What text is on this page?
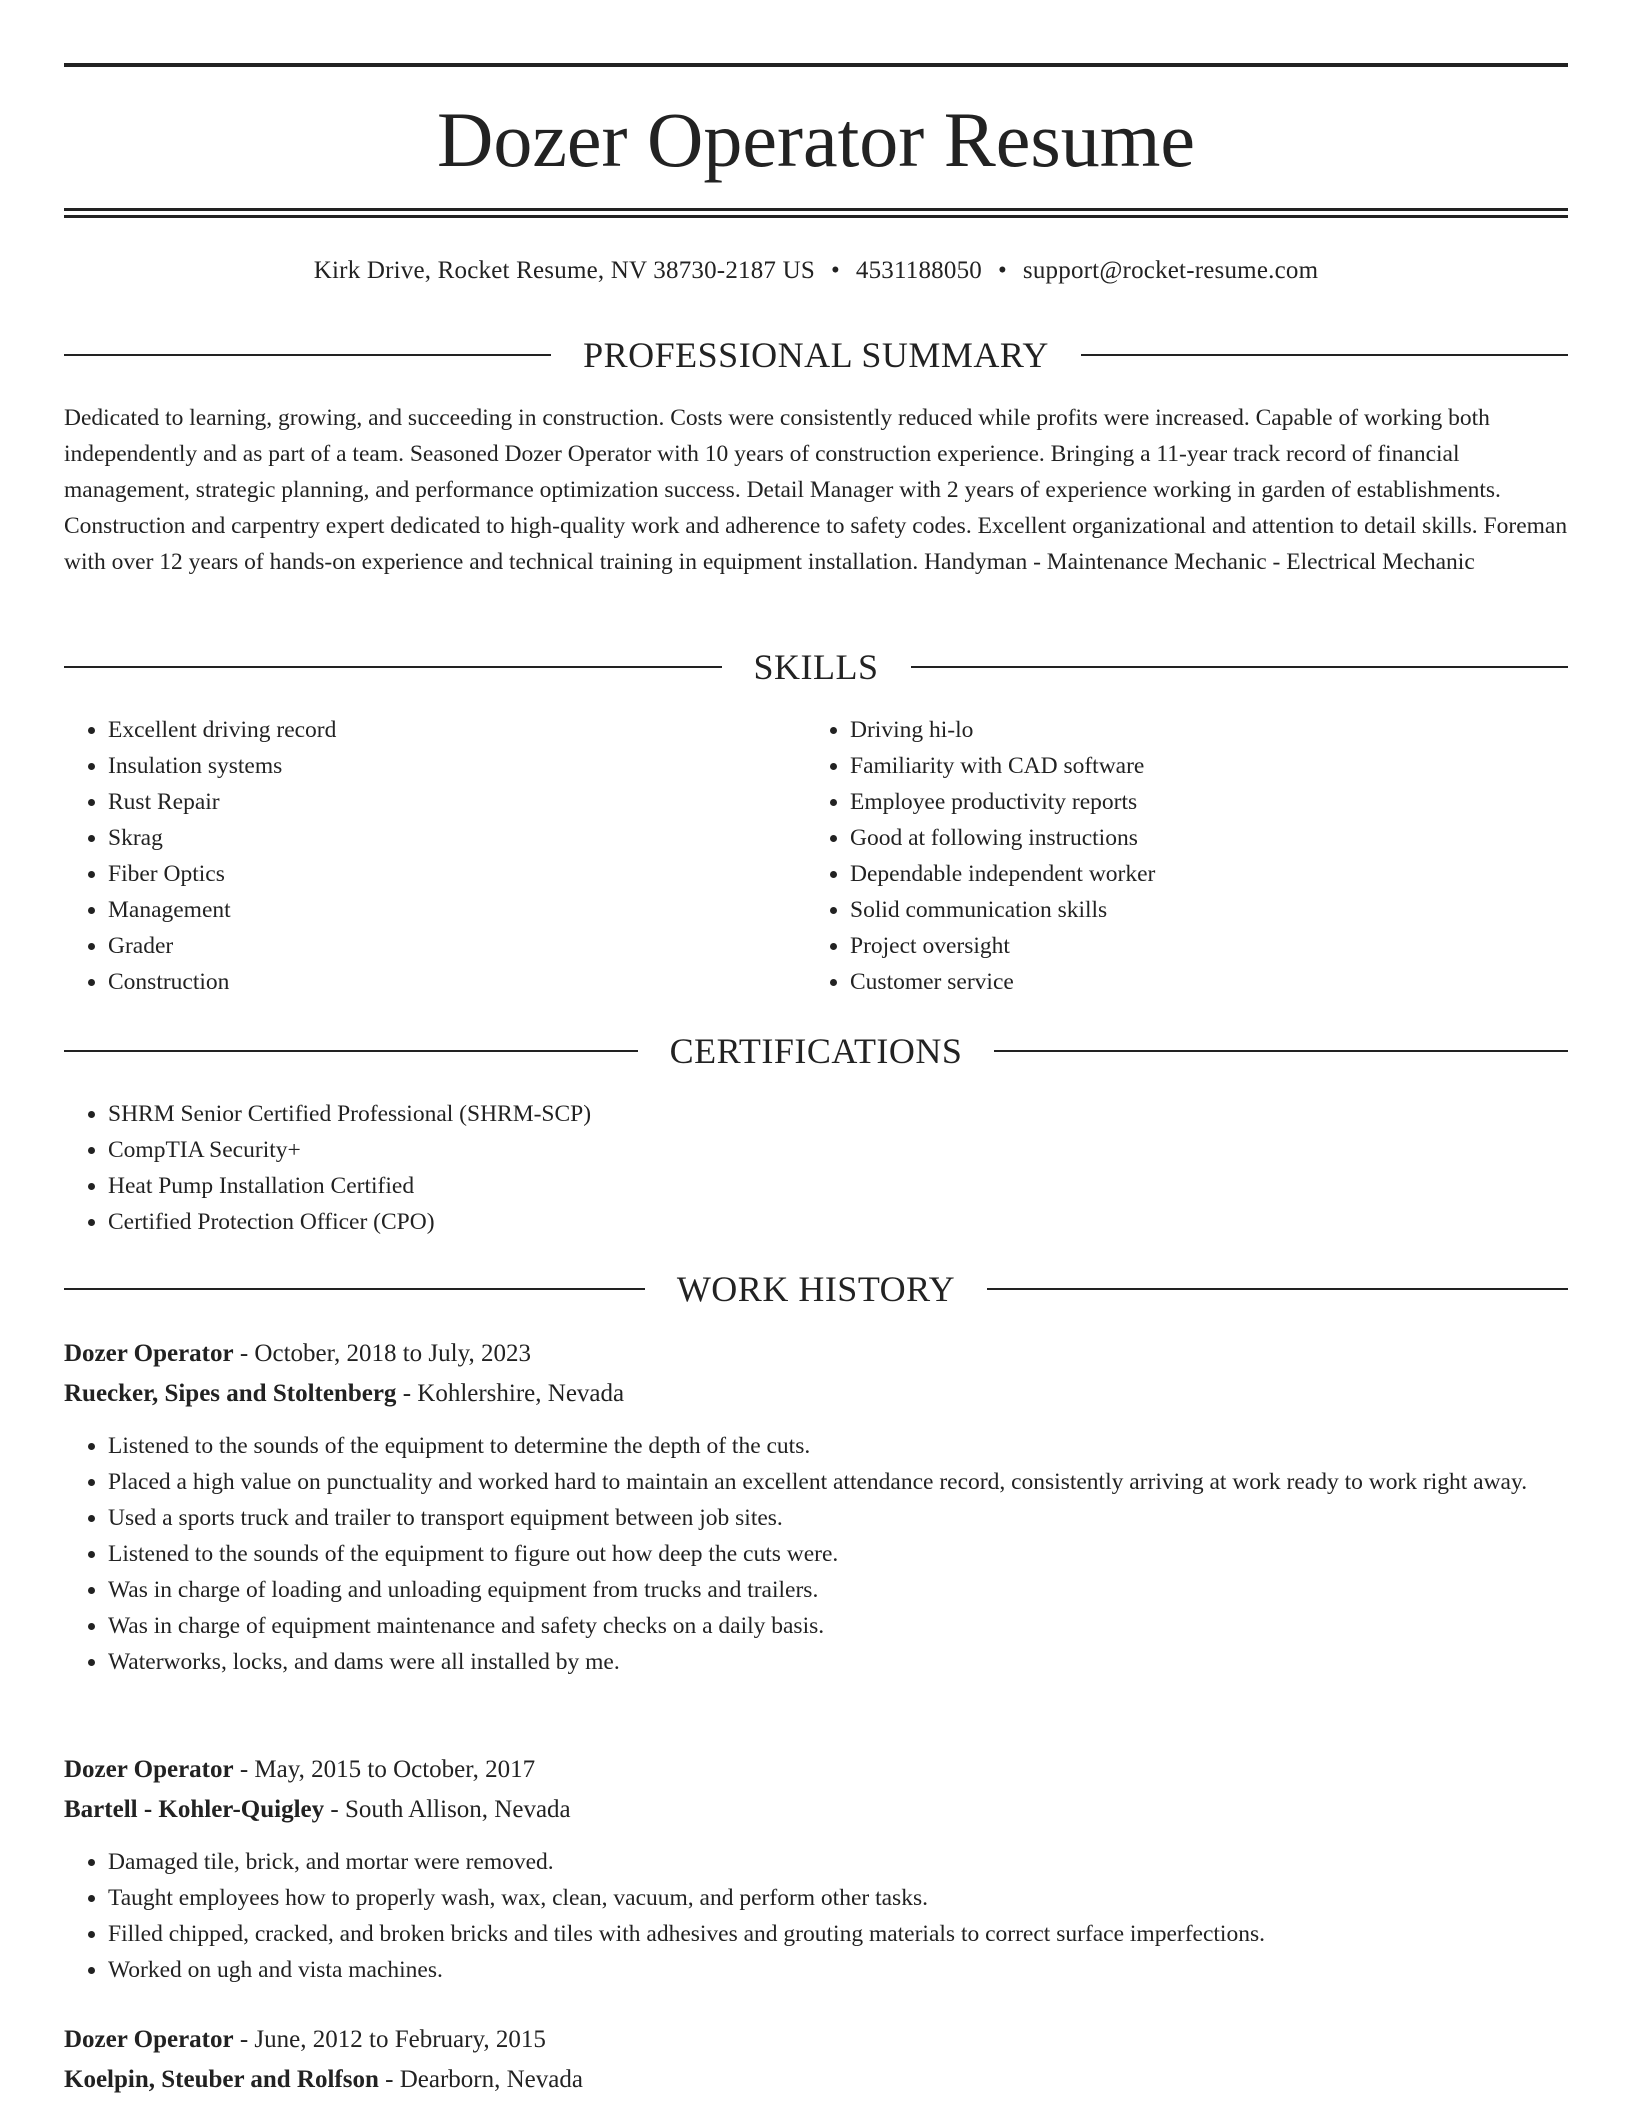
Dozer Operator Resume
Kirk Drive, Rocket Resume, NV 38730-2187 US • 4531188050 • support@rocket-resume.com
PROFESSIONAL SUMMARY

Dedicated to learning, growing, and succeeding in construction. Costs were consistently reduced while profits were increased. Capable of working both independently and as part of a team. Seasoned Dozer Operator with 10 years of construction experience. Bringing a 11-year track record of financial management, strategic planning, and performance optimization success. Detail Manager with 2 years of experience working in garden of establishments. Construction and carpentry expert dedicated to high-quality work and adherence to safety codes. Excellent organizational and attention to detail skills. Foreman with over 12 years of hands-on experience and technical training in equipment installation. Handyman - Maintenance Mechanic - Electrical Mechanic

SKILLS
• Excellent driving record
• Insulation systems
• Rust Repair
• Skrag
• Fiber Optics
• Management
• Grader
• Construction
• Driving hi-lo
• Familiarity with CAD software
• Employee productivity reports
• Good at following instructions
• Dependable independent worker
• Solid communication skills
• Project oversight
• Customer service
CERTIFICATIONS
• SHRM Senior Certified Professional (SHRM-SCP)
• CompTIA Security+
• Heat Pump Installation Certified
• Certified Protection Officer (CPO)
WORK HISTORY
Dozer Operator - October, 2018 to July, 2023
Ruecker, Sipes and Stoltenberg - Kohlershire, Nevada
• Listened to the sounds of the equipment to determine the depth of the cuts.
• Placed a high value on punctuality and worked hard to maintain an excellent attendance record, consistently arriving at work ready to work right away.
• Used a sports truck and trailer to transport equipment between job sites.
• Listened to the sounds of the equipment to figure out how deep the cuts were.
• Was in charge of loading and unloading equipment from trucks and trailers.
• Was in charge of equipment maintenance and safety checks on a daily basis.
• Waterworks, locks, and dams were all installed by me.
Dozer Operator - May, 2015 to October, 2017
Bartell - Kohler-Quigley - South Allison, Nevada
• Damaged tile, brick, and mortar were removed.
• Taught employees how to properly wash, wax, clean, vacuum, and perform other tasks.
• Filled chipped, cracked, and broken bricks and tiles with adhesives and grouting materials to correct surface imperfections.
• Worked on ugh and vista machines.
Dozer Operator - June, 2012 to February, 2015
Koelpin, Steuber and Rolfson - Dearborn, Nevada
